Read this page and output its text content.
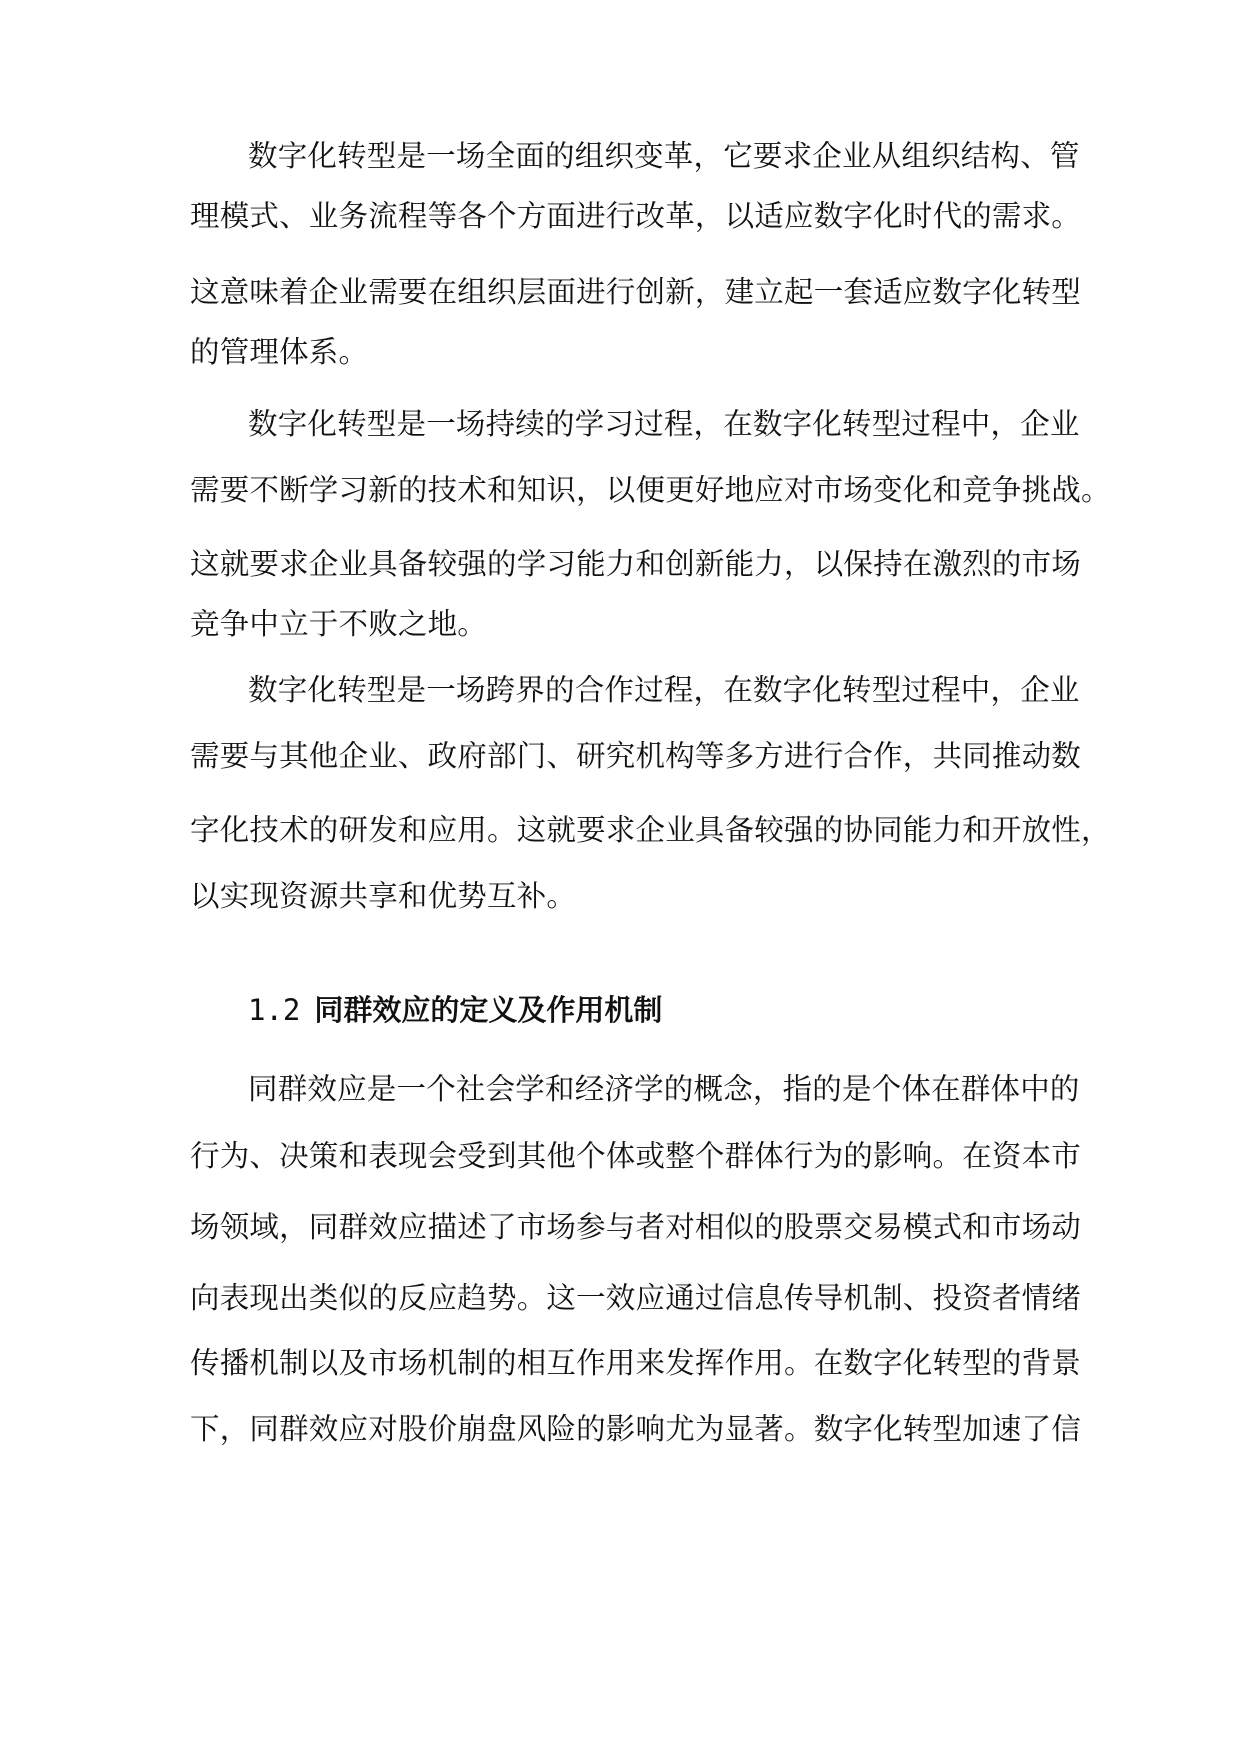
数字化转型是一场全面的组织变革，它要求企业从组织结构、管
理模式、业务流程等各个方面进行改革，以适应数字化时代的需求。
这意味着企业需要在组织层面进行创新，建立起一套适应数字化转型
的管理体系。
数字化转型是一场持续的学习过程，在数字化转型过程中，企业
需要不断学习新的技术和知识，以便更好地应对市场变化和竞争挑战。
这就要求企业具备较强的学习能力和创新能力，以保持在激烈的市场
竞争中立于不败之地。
数字化转型是一场跨界的合作过程，在数字化转型过程中，企业
需要与其他企业、政府部门、研究机构等多方进行合作，共同推动数
字化技术的研发和应用。这就要求企业具备较强的协同能力和开放性，
以实现资源共享和优势互补。
1.2 同群效应的定义及作用机制
同群效应是一个社会学和经济学的概念，指的是个体在群体中的
行为、决策和表现会受到其他个体或整个群体行为的影响。在资本市
场领域，同群效应描述了市场参与者对相似的股票交易模式和市场动
向表现出类似的反应趋势。这一效应通过信息传导机制、投资者情绪
传播机制以及市场机制的相互作用来发挥作用。在数字化转型的背景
下，同群效应对股价崩盘风险的影响尤为显著。数字化转型加速了信
